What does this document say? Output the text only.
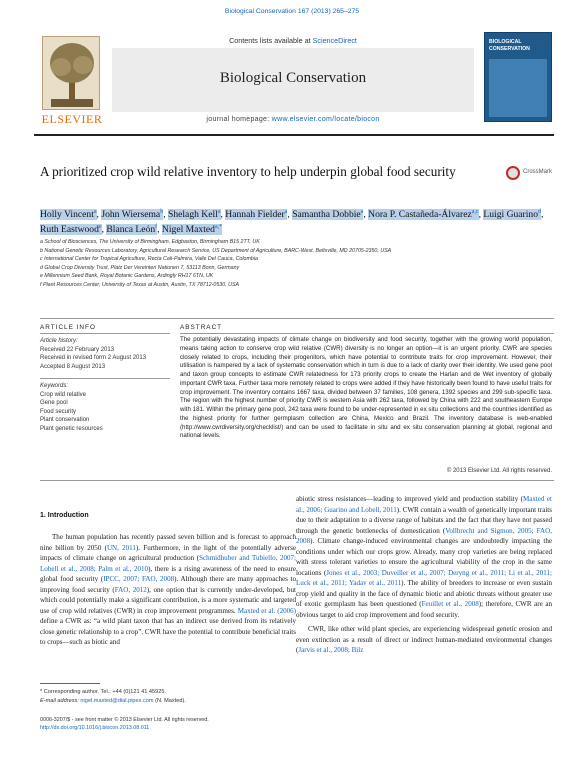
Biological Conservation 167 (2013) 265–275
ELSEVIER
Contents lists available at ScienceDirect
Biological Conservation
journal homepage: www.elsevier.com/locate/biocon
BIOLOGICAL
CONSERVATION
A prioritized crop wild relative inventory to help underpin global food security	CrossMark
Holly Vincent$^a$, John Wiersema$^b$, Shelagh Kell$^a$, Hannah Fielder$^a$, Samantha Dobbie$^a$, Nora P. Castañeda-Álvarez$^{a,c}$, Luigi Guarino$^d$, Ruth Eastwood$^e$, Blanca León$^f$, Nigel Maxted$^{a,*}$
a School of Biosciences, The University of Birmingham, Edgbaston, Birmingham B15 2TT, UK
b National Genetic Resources Laboratory, Agricultural Research Service, US Department of Agriculture, BARC-West, Beltsville, MD 20705-2350, USA
c International Center for Tropical Agriculture, Recta Cali-Palmira, Valle Del Cauca, Colombia
d Global Crop Diversity Trust, Platz Der Vereinten Nationen 7, 53113 Bonn, Germany
e Millennium Seed Bank, Royal Botanic Gardens, Ardingly RH17 6TN, UK
f Plant Resources Center, University of Texas at Austin, Austin, TX 78712-0530, USA
ARTICLE INFO
Article history:
Received 22 February 2013
Received in revised form 2 August 2013
Accepted 8 August 2013
Keywords:
Crop wild relative
Gene pool
Food security
Plant conservation
Plant genetic resources
ABSTRACT
The potentially devastating impacts of climate change on biodiversity and food security, together with the growing world population, means taking action to conserve crop wild relative (CWR) diversity is no longer an option—it is an urgent priority. CWR are species closely related to crops, including their progenitors, which have potential to contribute traits for crop improvement. However, their utilisation is hampered by a lack of systematic conservation which in turn is due to a lack of clarity over their identity. We used gene pool and taxon group concepts to estimate CWR relatedness for 173 priority crops to create the Harlan and de Wet inventory of globally important CWR taxa. Further taxa more remotely related to crops were added if they have historically been found to have useful traits for crop improvement. The inventory contains 1667 taxa, divided between 37 families, 108 genera, 1392 species and 299 sub-specific taxa. The region with the highest number of priority CWR is western Asia with 262 taxa, followed by China with 222 and southeastern Europe with 181. Within the primary gene pool, 242 taxa were found to be under-represented in ex situ collections and the countries identified as the highest priority for further germplasm collection are China, Mexico and Brazil. The inventory database is web-enabled (http://www.cwrdiversity.org/checklist/) and can be used to facilitate in situ and ex situ conservation planning at global, regional and national levels.
© 2013 Elsevier Ltd. All rights reserved.
1. Introduction

The human population has recently passed seven billion and is forecast to approach nine billion by 2050 (UN, 2011). Furthermore, in the light of the potentially adverse impacts of climate change on agricultural production (Schmidhuber and Tubiello, 2007; Lobell et al., 2008; Palm et al., 2010), there is a rising awareness of the need to ensure global food security (IPCC, 2007; FAO, 2008). Although there are many approaches to improving food security (FAO, 2012), one option that is currently under-developed, but which could potentially make a significant contribution, is a more systematic and targeted use of crop wild relatives (CWR) in crop improvement programmes. Maxted et al. (2006) define a CWR as: “a wild plant taxon that has an indirect use derived from its relatively close genetic relationship to a crop”. CWR have the potential to contribute beneficial traits to crops—such as biotic and

abiotic stress resistances—leading to improved yield and production stability (Maxted et al., 2006; Guarino and Lobell, 2011). CWR contain a wealth of genetically important traits due to their adaptation to a diverse range of habitats and the fact that they have not passed through the genetic bottlenecks of domestication (Vollbrecht and Sigmon, 2005; FAO, 2008). Climate change-induced environmental changes are undoubtedly impacting the conditions under which our crops grow. Already, many crop varieties are being replaced with stress tolerant varieties to ensure the agricultural viability of the crop in the same locations (Jones et al., 2003; Duveiller et al., 2007; Deryng et al., 2011; Li et al., 2011; Luck et al., 2011; Yadav et al., 2011). The ability of breeders to increase or even sustain crop yield and quality in the face of dynamic biotic and abiotic threats without greater use of exotic germplasm has been questioned (Feuillet et al., 2008); therefore, CWR are an obvious target to aid crop improvement and food security.

CWR, like other wild plant species, are experiencing widespread genetic erosion and even extinction as a result of direct or indirect human-mediated environmental changes (Jarvis et al., 2008; Bilz

* Corresponding author. Tel.: +44 (0)121 41 45925.
E-mail address: nigel.maxted@dial.pipex.com (N. Maxted).
0006-3207/$ - see front matter © 2013 Elsevier Ltd. All rights reserved.
http://dx.doi.org/10.1016/j.biocon.2013.08.011
